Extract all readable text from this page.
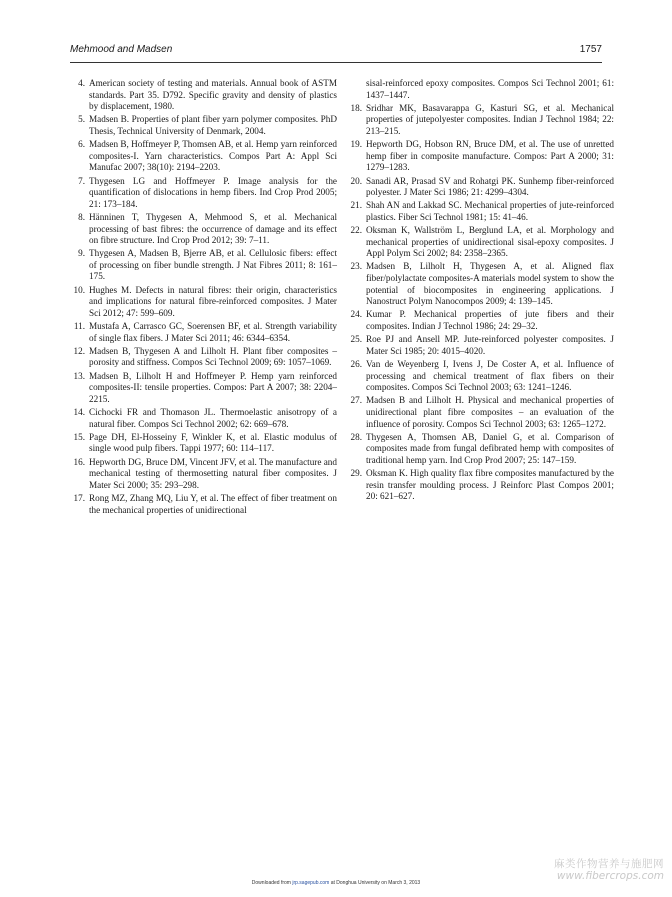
Mehmood and Madsen	1757
4. American society of testing and materials. Annual book of ASTM standards. Part 35. D792. Specific gravity and density of plastics by displacement, 1980.
5. Madsen B. Properties of plant fiber yarn polymer composites. PhD Thesis, Technical University of Denmark, 2004.
6. Madsen B, Hoffmeyer P, Thomsen AB, et al. Hemp yarn reinforced composites-I. Yarn characteristics. Compos Part A: Appl Sci Manufac 2007; 38(10): 2194–2203.
7. Thygesen LG and Hoffmeyer P. Image analysis for the quantification of dislocations in hemp fibers. Ind Crop Prod 2005; 21: 173–184.
8. Hänninen T, Thygesen A, Mehmood S, et al. Mechanical processing of bast fibres: the occurrence of damage and its effect on fibre structure. Ind Crop Prod 2012; 39: 7–11.
9. Thygesen A, Madsen B, Bjerre AB, et al. Cellulosic fibers: effect of processing on fiber bundle strength. J Nat Fibres 2011; 8: 161–175.
10. Hughes M. Defects in natural fibres: their origin, characteristics and implications for natural fibre-reinforced composites. J Mater Sci 2012; 47: 599–609.
11. Mustafa A, Carrasco GC, Soerensen BF, et al. Strength variability of single flax fibers. J Mater Sci 2011; 46: 6344–6354.
12. Madsen B, Thygesen A and Lilholt H. Plant fiber composites – porosity and stiffness. Compos Sci Technol 2009; 69: 1057–1069.
13. Madsen B, Lilholt H and Hoffmeyer P. Hemp yarn reinforced composites-II: tensile properties. Compos: Part A 2007; 38: 2204–2215.
14. Cichocki FR and Thomason JL. Thermoelastic anisotropy of a natural fiber. Compos Sci Technol 2002; 62: 669–678.
15. Page DH, El-Hosseiny F, Winkler K, et al. Elastic modulus of single wood pulp fibers. Tappi 1977; 60: 114–117.
16. Hepworth DG, Bruce DM, Vincent JFV, et al. The manufacture and mechanical testing of thermosetting natural fiber composites. J Mater Sci 2000; 35: 293–298.
17. Rong MZ, Zhang MQ, Liu Y, et al. The effect of fiber treatment on the mechanical properties of unidirectional
sisal-reinforced epoxy composites. Compos Sci Technol 2001; 61: 1437–1447.
18. Sridhar MK, Basavarappa G, Kasturi SG, et al. Mechanical properties of jutepolyester composites. Indian J Technol 1984; 22: 213–215.
19. Hepworth DG, Hobson RN, Bruce DM, et al. The use of unretted hemp fiber in composite manufacture. Compos: Part A 2000; 31: 1279–1283.
20. Sanadi AR, Prasad SV and Rohatgi PK. Sunhemp fiber-reinforced polyester. J Mater Sci 1986; 21: 4299–4304.
21. Shah AN and Lakkad SC. Mechanical properties of jute-reinforced plastics. Fiber Sci Technol 1981; 15: 41–46.
22. Oksman K, Wallström L, Berglund LA, et al. Morphology and mechanical properties of unidirectional sisal-epoxy composites. J Appl Polym Sci 2002; 84: 2358–2365.
23. Madsen B, Lilholt H, Thygesen A, et al. Aligned flax fiber/polylactate composites-A materials model system to show the potential of biocomposites in engineering applications. J Nanostruct Polym Nanocompos 2009; 4: 139–145.
24. Kumar P. Mechanical properties of jute fibers and their composites. Indian J Technol 1986; 24: 29–32.
25. Roe PJ and Ansell MP. Jute-reinforced polyester composites. J Mater Sci 1985; 20: 4015–4020.
26. Van de Weyenberg I, Ivens J, De Coster A, et al. Influence of processing and chemical treatment of flax fibers on their composites. Compos Sci Technol 2003; 63: 1241–1246.
27. Madsen B and Lilholt H. Physical and mechanical properties of unidirectional plant fibre composites – an evaluation of the influence of porosity. Compos Sci Technol 2003; 63: 1265–1272.
28. Thygesen A, Thomsen AB, Daniel G, et al. Comparison of composites made from fungal defibrated hemp with composites of traditional hemp yarn. Ind Crop Prod 2007; 25: 147–159.
29. Oksman K. High quality flax fibre composites manufactured by the resin transfer moulding process. J Reinforc Plast Compos 2001; 20: 621–627.
Downloaded from jrp.sagepub.com at Donghua University on March 3, 2013
麻类作物营养与施肥网
www.fibercrops.com
